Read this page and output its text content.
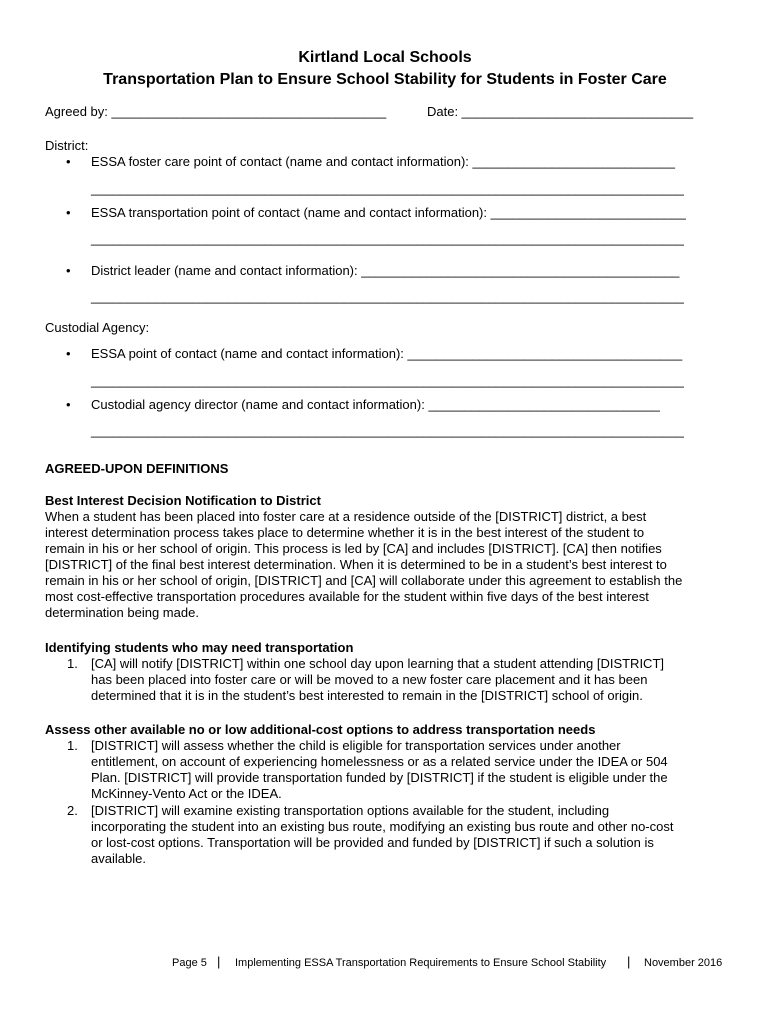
Kirtland Local Schools
Transportation Plan to Ensure School Stability for Students in Foster Care
Agreed by: ______________________________________	Date: ________________________________
District:
• ESSA foster care point of contact (name and contact information): ____________________________
__________________________________________________________________________________
• ESSA transportation point of contact (name and contact information): ___________________________
__________________________________________________________________________________
• District leader (name and contact information): ____________________________________________
__________________________________________________________________________________
Custodial Agency:
• ESSA point of contact (name and contact information): ______________________________________
__________________________________________________________________________________
• Custodial agency director (name and contact information): ________________________________
__________________________________________________________________________________
AGREED-UPON DEFINITIONS
Best Interest Decision Notification to District
When a student has been placed into foster care at a residence outside of the [DISTRICT] district, a best
interest determination process takes place to determine whether it is in the best interest of the student to
remain in his or her school of origin. This process is led by [CA] and includes [DISTRICT]. [CA] then notifies
[DISTRICT] of the final best interest determination. When it is determined to be in a student’s best interest to
remain in his or her school of origin, [DISTRICT] and [CA] will collaborate under this agreement to establish the
most cost-effective transportation procedures available for the student within five days of the best interest
determination being made.
Identifying students who may need transportation
1. [CA] will notify [DISTRICT] within one school day upon learning that a student attending [DISTRICT]
has been placed into foster care or will be moved to a new foster care placement and it has been
determined that it is in the student’s best interested to remain in the [DISTRICT] school of origin.
Assess other available no or low additional-cost options to address transportation needs
1. [DISTRICT] will assess whether the child is eligible for transportation services under another
entitlement, on account of experiencing homelessness or as a related service under the IDEA or 504
Plan. [DISTRICT] will provide transportation funded by [DISTRICT] if the student is eligible under the
McKinney-Vento Act or the IDEA.
2. [DISTRICT] will examine existing transportation options available for the student, including
incorporating the student into an existing bus route, modifying an existing bus route and other no-cost
or lost-cost options. Transportation will be provided and funded by [DISTRICT] if such a solution is
available.
Page 5 | Implementing ESSA Transportation Requirements to Ensure School Stability | November 2016
